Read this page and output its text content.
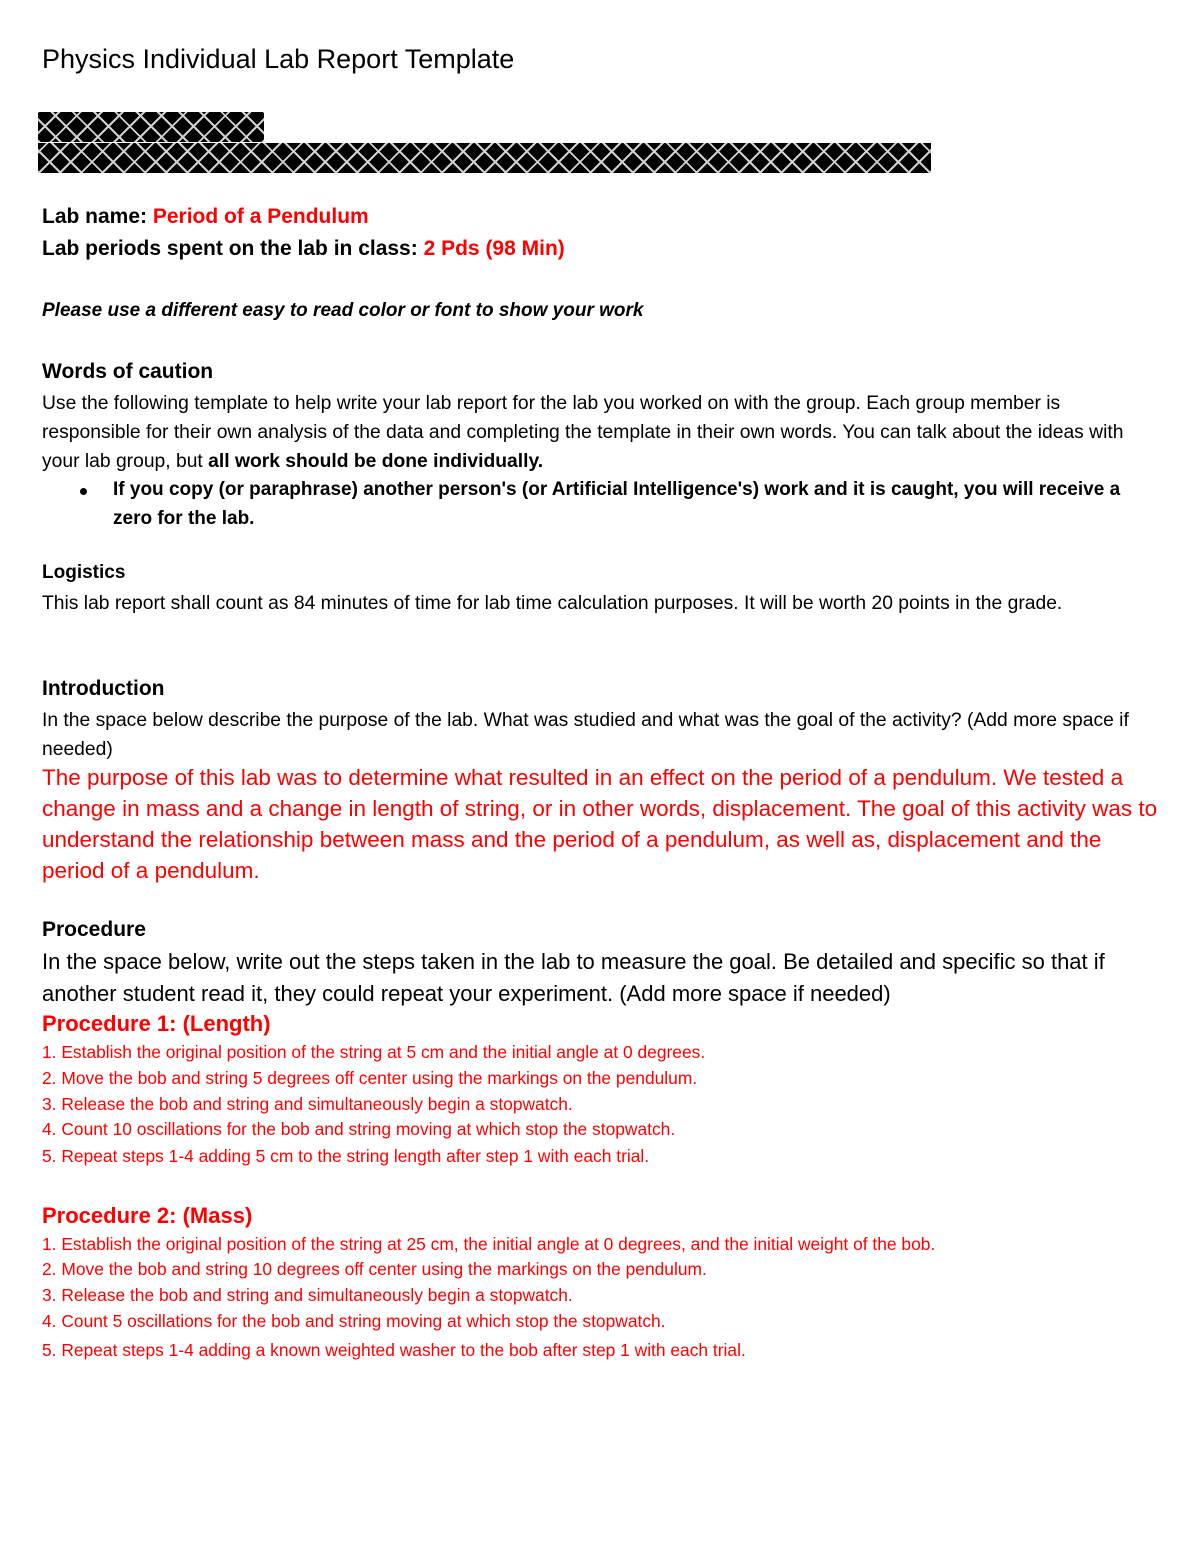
Physics Individual Lab Report Template
Lab name: Period of a Pendulum
Lab periods spent on the lab in class: 2 Pds (98 Min)
Please use a different easy to read color or font to show your work
Words of caution
Use the following template to help write your lab report for the lab you worked on with the group. Each group member is responsible for their own analysis of the data and completing the template in their own words. You can talk about the ideas with your lab group, but all work should be done individually.
If you copy (or paraphrase) another person's (or Artificial Intelligence's) work and it is caught, you will receive a zero for the lab.
Logistics
This lab report shall count as 84 minutes of time for lab time calculation purposes. It will be worth 20 points in the grade.
Introduction
In the space below describe the purpose of the lab. What was studied and what was the goal of the activity? (Add more space if needed)
The purpose of this lab was to determine what resulted in an effect on the period of a pendulum. We tested a change in mass and a change in length of string, or in other words, displacement. The goal of this activity was to understand the relationship between mass and the period of a pendulum, as well as, displacement and the period of a pendulum.
Procedure
In the space below, write out the steps taken in the lab to measure the goal. Be detailed and specific so that if another student read it, they could repeat your experiment. (Add more space if needed)
Procedure 1: (Length)
1. Establish the original position of the string at 5 cm and the initial angle at 0 degrees.
2. Move the bob and string 5 degrees off center using the markings on the pendulum.
3. Release the bob and string and simultaneously begin a stopwatch.
4. Count 10 oscillations for the bob and string moving at which stop the stopwatch.
5. Repeat steps 1-4 adding 5 cm to the string length after step 1 with each trial.
Procedure 2: (Mass)
1. Establish the original position of the string at 25 cm, the initial angle at 0 degrees, and the initial weight of the bob.
2. Move the bob and string 10 degrees off center using the markings on the pendulum.
3. Release the bob and string and simultaneously begin a stopwatch.
4. Count 5 oscillations for the bob and string moving at which stop the stopwatch.
5. Repeat steps 1-4 adding a known weighted washer to the bob after step 1 with each trial.
